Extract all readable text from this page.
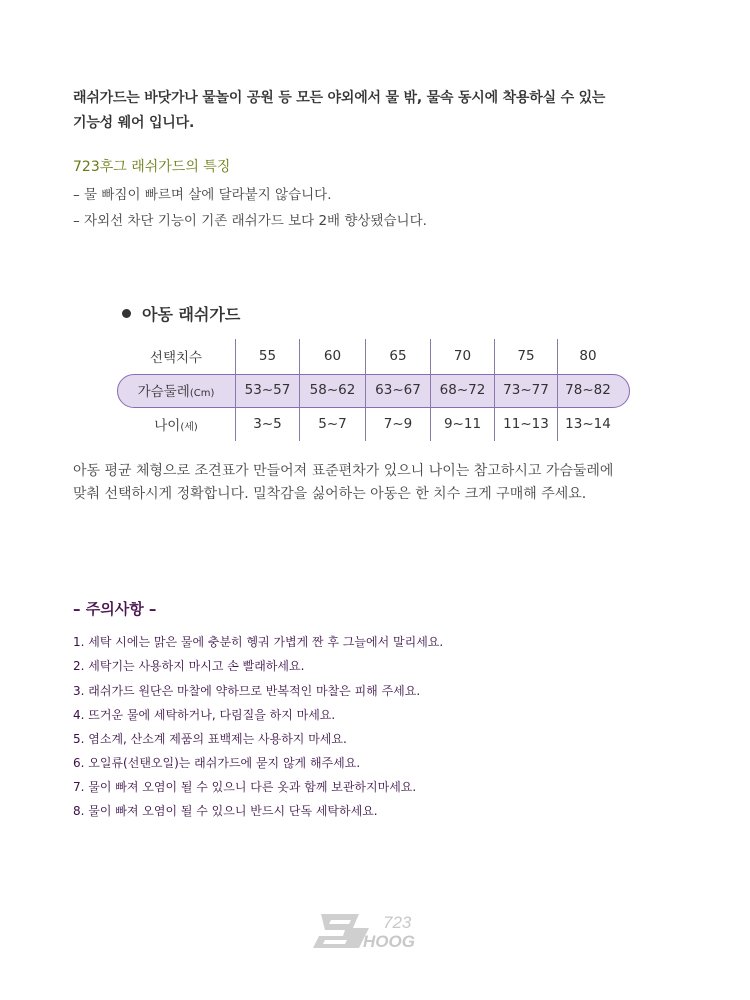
래쉬가드는 바닷가나 물놀이 공원 등 모든 야외에서 물 밖, 물속 동시에 착용하실 수 있는
기능성 웨어 입니다.
723후그 래쉬가드의 특징
– 물 빠짐이 빠르며 살에 달라붙지 않습니다.
– 자외선 차단 기능이 기존 래쉬가드 보다 2배 향상됐습니다.
아동 래쉬가드
선택치수	55	60	65	70	75	80
가슴둘레(Cm)	53~57	58~62	63~67	68~72	73~77	78~82
나이(세)	3~5	5~7	7~9	9~11	11~13	13~14
아동 평균 체형으로 조견표가 만들어져 표준편차가 있으니 나이는 참고하시고 가슴둘레에
맞춰 선택하시게 정확합니다. 밀착감을 싫어하는 아동은 한 치수 크게 구매해 주세요.
– 주의사항 –
1. 세탁 시에는 맑은 물에 충분히 헹궈 가볍게 짠 후 그늘에서 말리세요.
2. 세탁기는 사용하지 마시고 손 빨래하세요.
3. 래쉬가드 원단은 마찰에 약하므로 반복적인 마찰은 피해 주세요.
4. 뜨거운 물에 세탁하거나, 다림질을 하지 마세요.
5. 염소계, 산소계 제품의 표백제는 사용하지 마세요.
6. 오일류(선탠오일)는 래쉬가드에 묻지 않게 해주세요.
7. 물이 빠져 오염이 될 수 있으니 다른 옷과 함께 보관하지마세요.
8. 물이 빠져 오염이 될 수 있으니 반드시 단독 세탁하세요.
723
HOOG
